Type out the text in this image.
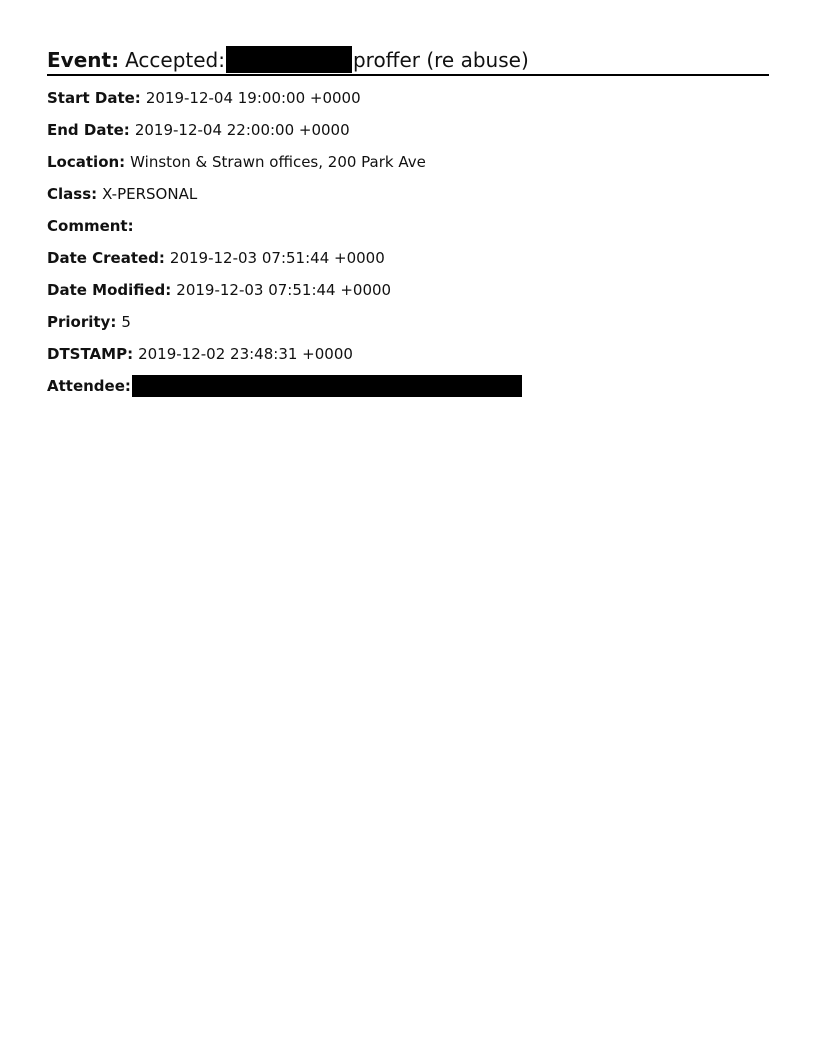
Event: Accepted:	proffer (re abuse)
Start Date: 2019-12-04 19:00:00 +0000
End Date: 2019-12-04 22:00:00 +0000
Location: Winston & Strawn offices, 200 Park Ave
Class: X-PERSONAL
Comment:
Date Created: 2019-12-03 07:51:44 +0000
Date Modified: 2019-12-03 07:51:44 +0000
Priority: 5
DTSTAMP: 2019-12-02 23:48:31 +0000
Attendee:
